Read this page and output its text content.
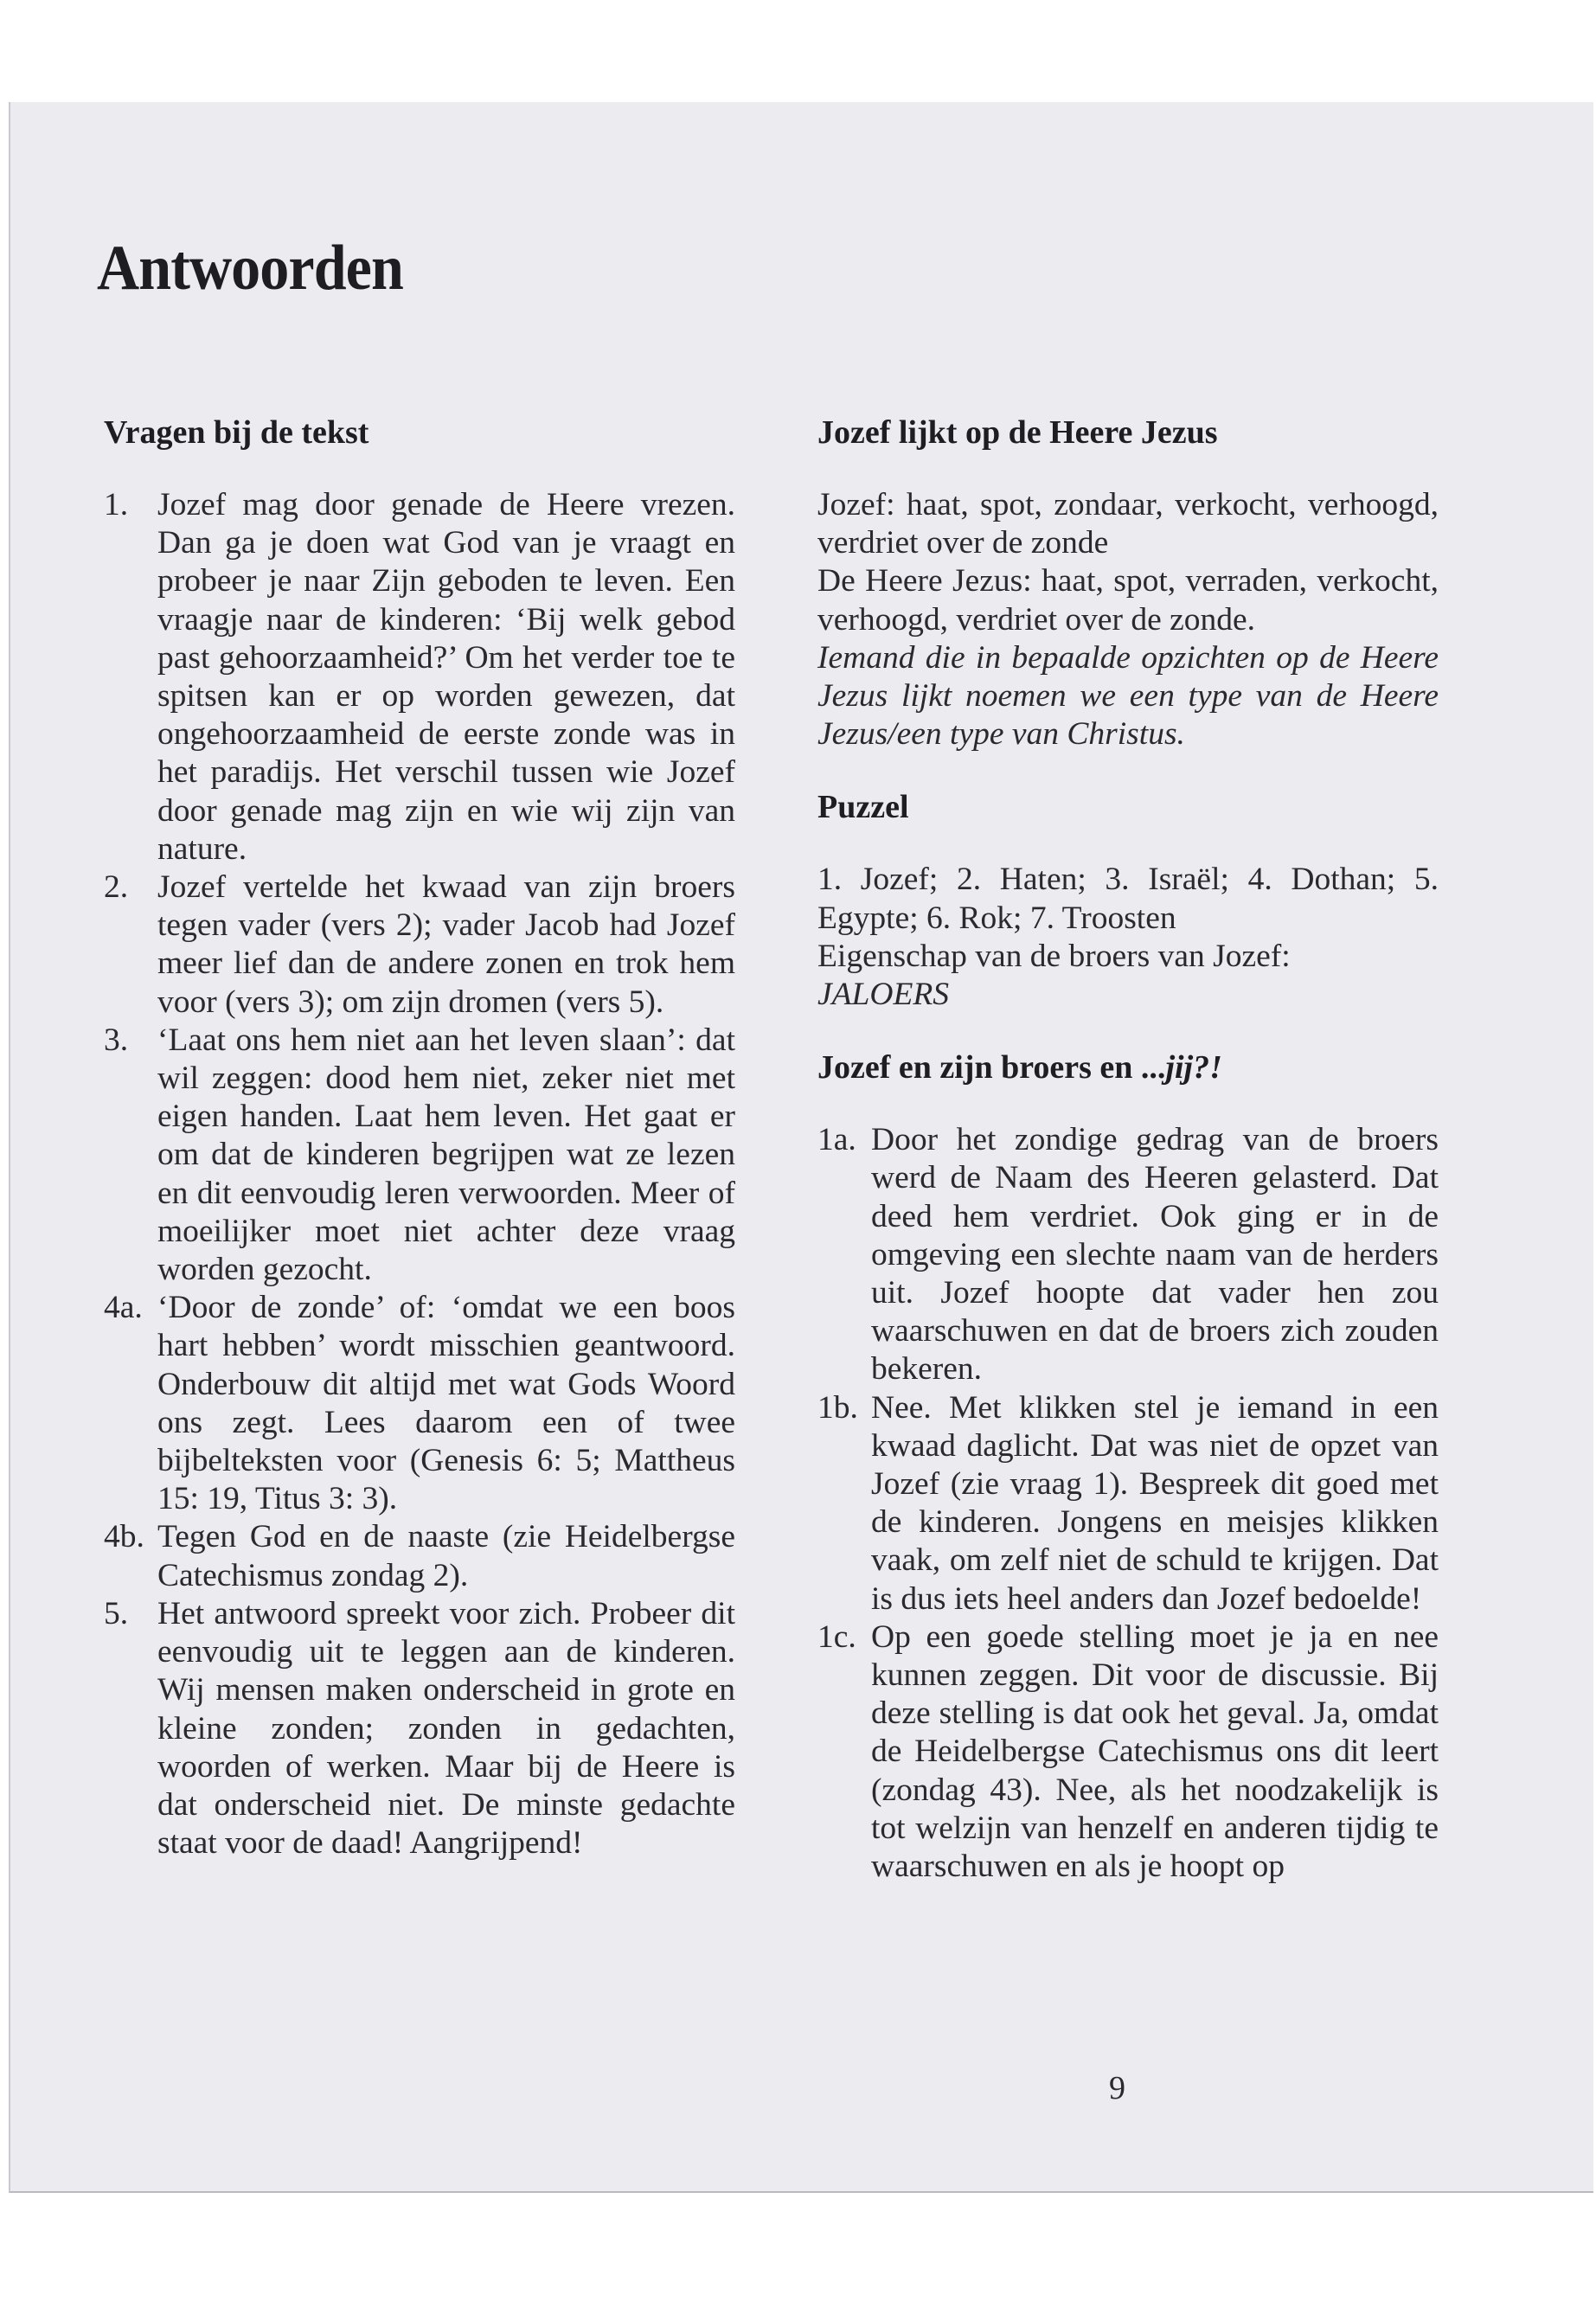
Antwoorden
Vragen bij de tekst
1. Jozef mag door genade de Heere vrezen. Dan ga je doen wat God van je vraagt en probeer je naar Zijn geboden te leven. Een vraagje naar de kinderen: ‘Bij welk gebod past gehoorzaamheid?’ Om het verder toe te spitsen kan er op worden gewezen, dat ongehoorzaamheid de eerste zonde was in het paradijs. Het verschil tussen wie Jozef door genade mag zijn en wie wij zijn van nature.
2. Jozef vertelde het kwaad van zijn broers tegen vader (vers 2); vader Jacob had Jozef meer lief dan de andere zonen en trok hem voor (vers 3); om zijn dromen (vers 5).
3. ‘Laat ons hem niet aan het leven slaan’: dat wil zeggen: dood hem niet, zeker niet met eigen handen. Laat hem leven. Het gaat er om dat de kinderen begrijpen wat ze lezen en dit eenvoudig leren verwoorden. Meer of moeilijker moet niet achter deze vraag worden gezocht.
4a. ‘Door de zonde’ of: ‘omdat we een boos hart hebben’ wordt misschien geantwoord. Onderbouw dit altijd met wat Gods Woord ons zegt. Lees daarom een of twee bijbelteksten voor (Genesis 6: 5; Mattheus 15: 19, Titus 3: 3).
4b. Tegen God en de naaste (zie Heidelbergse Catechismus zondag 2).
5. Het antwoord spreekt voor zich. Probeer dit eenvoudig uit te leggen aan de kinderen. Wij mensen maken onderscheid in grote en kleine zonden; zonden in gedachten, woorden of werken. Maar bij de Heere is dat onderscheid niet. De minste gedachte staat voor de daad! Aangrijpend!
Jozef lijkt op de Heere Jezus

Jozef: haat, spot, zondaar, verkocht, verhoogd, verdriet over de zonde

De Heere Jezus: haat, spot, verraden, verkocht, verhoogd, verdriet over de zonde.

Iemand die in bepaalde opzichten op de Heere Jezus lijkt noemen we een type van de Heere Jezus/een type van Christus.

Puzzel

1. Jozef; 2. Haten; 3. Israël; 4. Dothan; 5. Egypte; 6. Rok; 7. Troosten

Eigenschap van de broers van Jozef:

JALOERS

Jozef en zijn broers en ...jij?!
1a. Door het zondige gedrag van de broers werd de Naam des Heeren gelasterd. Dat deed hem verdriet. Ook ging er in de omgeving een slechte naam van de herders uit. Jozef hoopte dat vader hen zou waarschuwen en dat de broers zich zouden bekeren.
1b. Nee. Met klikken stel je iemand in een kwaad daglicht. Dat was niet de opzet van Jozef (zie vraag 1). Bespreek dit goed met de kinderen. Jongens en meisjes klikken vaak, om zelf niet de schuld te krijgen. Dat is dus iets heel anders dan Jozef bedoelde!
1c. Op een goede stelling moet je ja en nee kunnen zeggen. Dit voor de discussie. Bij deze stelling is dat ook het geval. Ja, omdat de Heidelbergse Catechismus ons dit leert (zondag 43). Nee, als het noodzakelijk is tot welzijn van henzelf en anderen tijdig te waarschuwen en als je hoopt op
9
